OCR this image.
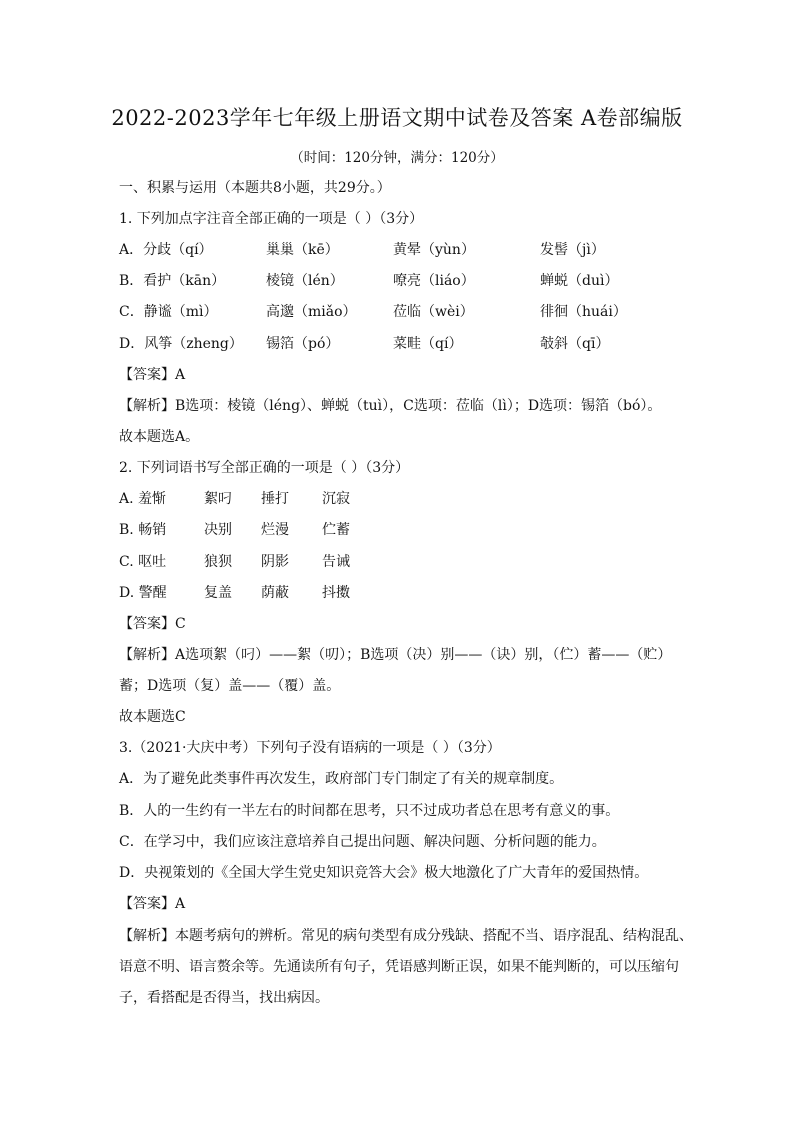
2022-2023学年七年级上册语文期中试卷及答案 A卷部编版
（时间：120分钟，满分：120分）
一、积累与运用（本题共8小题，共29分。）
1. 下列加点字注音全部正确的一项是（ ）（3分）
A．分歧（qí）	巢巢（kē）	黄晕（yùn）	发髻（jì）
B．看护（kān）	棱镜（lén）	嘹亮（liáo）	蝉蜕（duì）
C．静谧（mì）	高邈（miǎo）	莅临（wèi）	徘徊（huái）
D．风筝（zheng） 锡箔（pó）	菜畦（qí）	攲斜（qī）
【答案】A
【解析】B选项：棱镜（léng）、蝉蜕（tuì），C选项：莅临（lì）；D选项：锡箔（bó）。
故本题选A。
2. 下列词语书写全部正确的一项是（ ）（3分）
A. 羞惭	絮叼 捶打 沉寂
B. 畅销	决别 烂漫 伫蓄
C. 呕吐	狼狈 阴影 告诫
D. 警醒	复盖 荫蔽 抖擞
【答案】C
【解析】A选项絮（叼）——絮（叨）；B选项（决）别——（诀）别，（伫）蓄——（贮）
蓄；D选项（复）盖——（覆）盖。
故本题选C
3.（2021·大庆中考）下列句子没有语病的一项是（ ）（3分）
A．为了避免此类事件再次发生，政府部门专门制定了有关的规章制度。
B．人的一生约有一半左右的时间都在思考，只不过成功者总在思考有意义的事。
C．在学习中，我们应该注意培养自己提出问题、解决问题、分析问题的能力。
D．央视策划的《全国大学生党史知识竞答大会》极大地激化了广大青年的爱国热情。
【答案】A
【解析】本题考病句的辨析。常见的病句类型有成分残缺、搭配不当、语序混乱、结构混乱、
语意不明、语言赘余等。先通读所有句子，凭语感判断正误，如果不能判断的，可以压缩句
子，看搭配是否得当，找出病因。
